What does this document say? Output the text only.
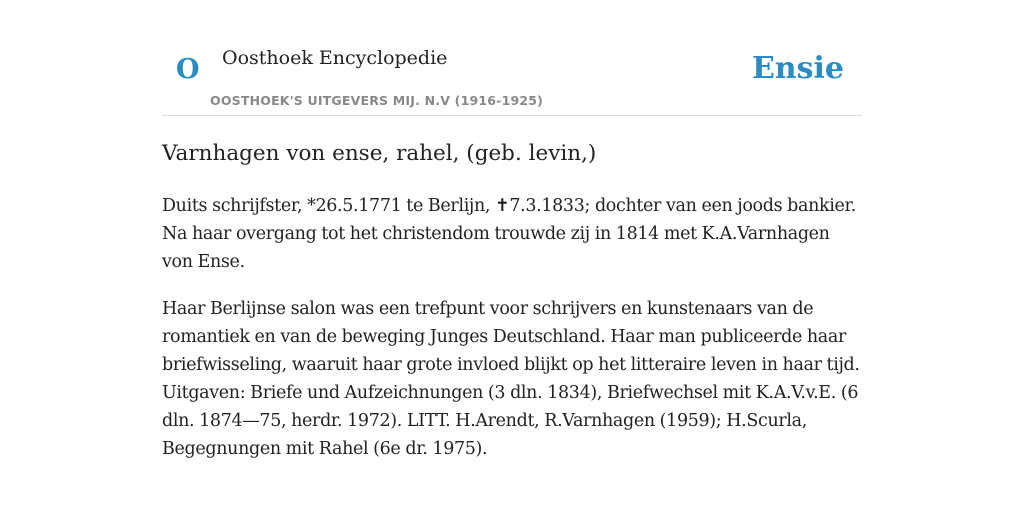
O Oosthoek Encyclopedie
OOSTHOEK'S UITGEVERS MIJ. N.V (1916-1925)
Ensie
Varnhagen von ense, rahel, (geb. levin,)

Duits schrijfster, *26.5.1771 te Berlijn, ✝7.3.1833; dochter van een joods bankier. Na haar overgang tot het christendom trouwde zij in 1814 met K.A.Varnhagen von Ense.

Haar Berlijnse salon was een trefpunt voor schrijvers en kunstenaars van de romantiek en van de beweging Junges Deutschland. Haar man publiceerde haar briefwisseling, waaruit haar grote invloed blijkt op het litteraire leven in haar tijd. Uitgaven: Briefe und Aufzeichnungen (3 dln. 1834), Briefwechsel mit K.A.V.v.E. (6 dln. 1874—75, herdr. 1972). LITT. H.Arendt, R.Varnhagen (1959); H.Scurla, Begegnungen mit Rahel (6e dr. 1975).
